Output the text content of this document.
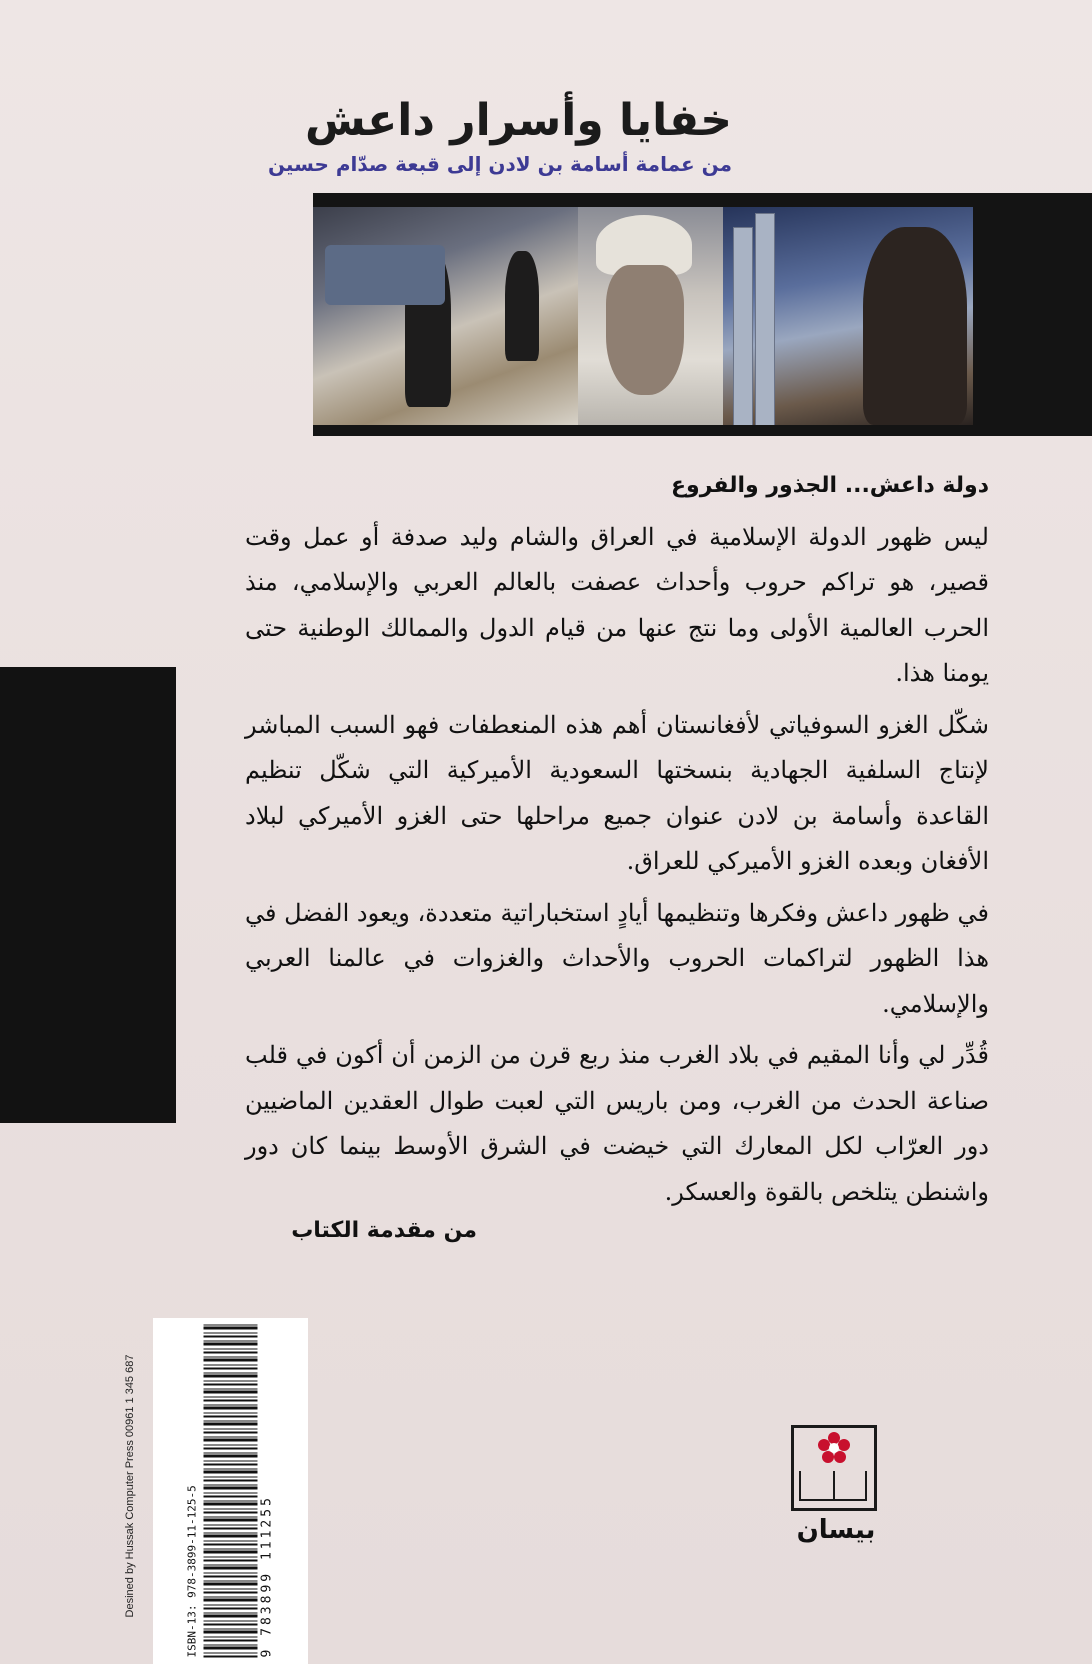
خفايا وأسرار داعش
من عمامة أسامة بن لادن إلى قبعة صدّام حسين
دولة داعش... الجذور والفروع

ليس ظهور الدولة الإسلامية في العراق والشام وليد صدفة أو عمل وقت قصير، هو تراكم حروب وأحداث عصفت بالعالم العربي والإسلامي، منذ الحرب العالمية الأولى وما نتج عنها من قيام الدول والممالك الوطنية حتى يومنا هذا.

شكّل الغزو السوفياتي لأفغانستان أهم هذه المنعطفات فهو السبب المباشر لإنتاج السلفية الجهادية بنسختها السعودية الأميركية التي شكّل تنظيم القاعدة وأسامة بن لادن عنوان جميع مراحلها حتى الغزو الأميركي لبلاد الأفغان وبعده الغزو الأميركي للعراق.

في ظهور داعش وفكرها وتنظيمها أيادٍ استخباراتية متعددة، ويعود الفضل في هذا الظهور لتراكمات الحروب والأحداث والغزوات في عالمنا العربي والإسلامي.

قُدِّر لي وأنا المقيم في بلاد الغرب منذ ربع قرن من الزمن أن أكون في قلب صناعة الحدث من الغرب، ومن باريس التي لعبت طوال العقدين الماضيين دور العرّاب لكل المعارك التي خيضت في الشرق الأوسط بينما كان دور واشنطن يتلخص بالقوة والعسكر.

من مقدمة الكتاب
ISBN-13: 978-3899-11-125-5	9 783899 111255
Desined by Hussak Computer Press 00961 1 345 687	بيسان
